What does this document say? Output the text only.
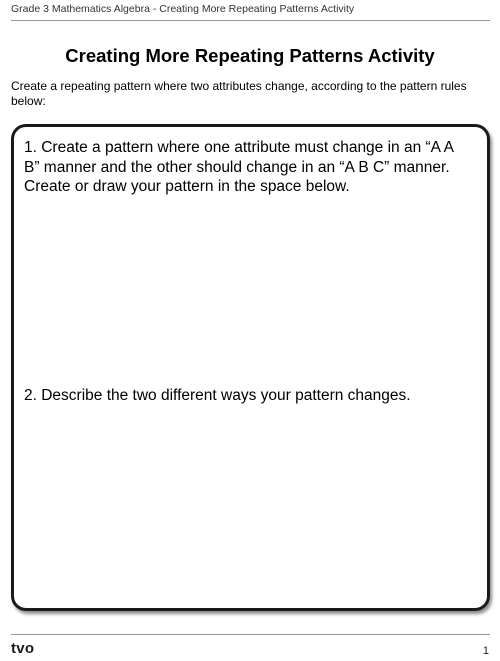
Grade 3 Mathematics Algebra - Creating More Repeating Patterns Activity
Creating More Repeating Patterns Activity

Create a repeating pattern where two attributes change, according to the pattern rules below:

1. Create a pattern where one attribute must change in an “A A B” manner and the other should change in an “A B C” manner. Create or draw your pattern in the space below.

2. Describe the two different ways your pattern changes.

tvo	1
